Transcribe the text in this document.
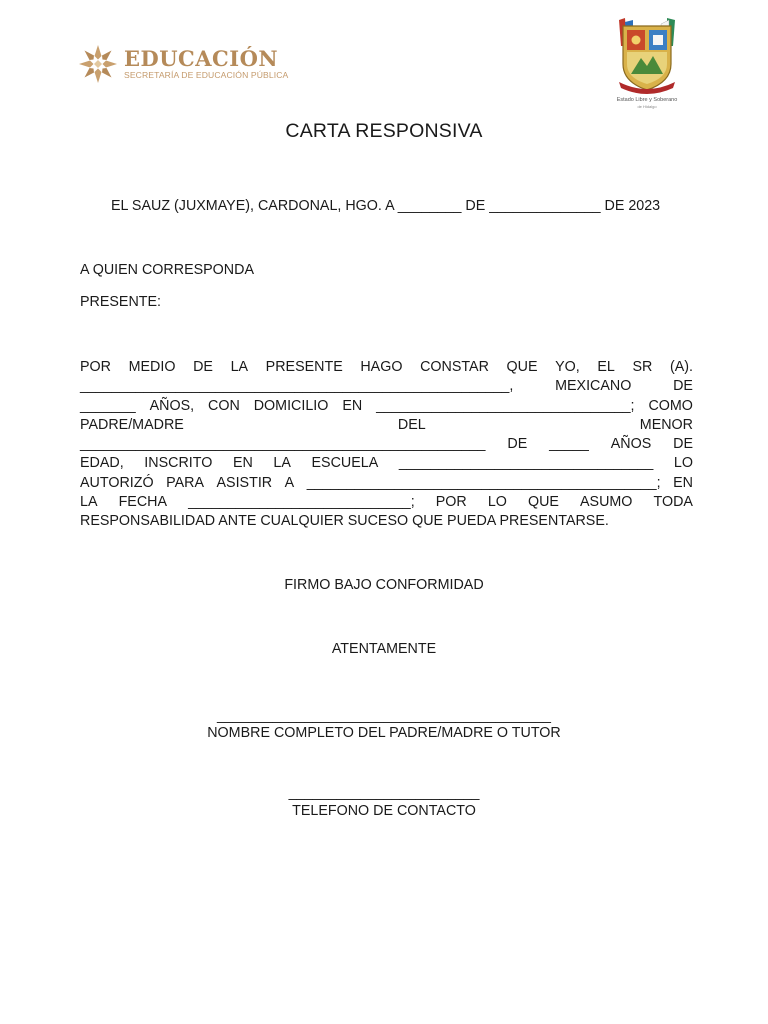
EDUCACIÓN
SECRETARÍA DE EDUCACIÓN PÚBLICA
Estado Libre y Soberano
de Hidalgo
CARTA RESPONSIVA
EL SAUZ (JUXMAYE), CARDONAL, HGO. A ________ DE ______________ DE 2023
A QUIEN CORRESPONDA
PRESENTE:
POR MEDIO DE LA PRESENTE HAGO CONSTAR QUE YO, EL SR (A).
______________________________________________________,	MEXICANO	DE
_______ AÑOS, CON DOMICILIO EN ________________________________; COMO
PADRE/MADRE	DEL	MENOR
___________________________________________________ DE _____ AÑOS DE
EDAD, INSCRITO EN LA ESCUELA ________________________________ LO
AUTORIZÓ PARA ASISTIR A ____________________________________________; EN
LA FECHA ____________________________; POR LO QUE ASUMO TODA
RESPONSABILIDAD ANTE CUALQUIER SUCESO QUE PUEDA PRESENTARSE.
FIRMO BAJO CONFORMIDAD
ATENTAMENTE
__________________________________________
NOMBRE COMPLETO DEL PADRE/MADRE O TUTOR
________________________
TELEFONO DE CONTACTO
